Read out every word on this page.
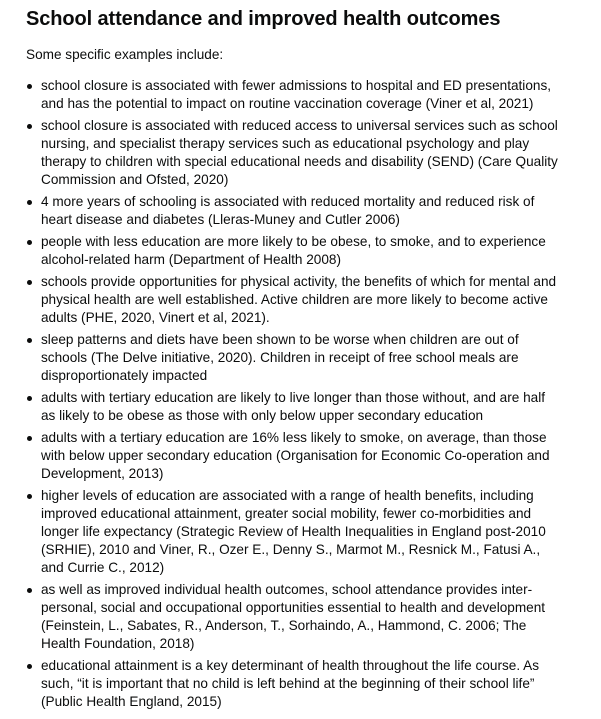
School attendance and improved health outcomes

Some specific examples include:

school closure is associated with fewer admissions to hospital and ED presentations, and has the potential to impact on routine vaccination coverage (Viner et al, 2021)
school closure is associated with reduced access to universal services such as school nursing, and specialist therapy services such as educational psychology and play therapy to children with special educational needs and disability (SEND) (Care Quality Commission and Ofsted, 2020)
4 more years of schooling is associated with reduced mortality and reduced risk of heart disease and diabetes (Lleras-Muney and Cutler 2006)
people with less education are more likely to be obese, to smoke, and to experience alcohol-related harm (Department of Health 2008)
schools provide opportunities for physical activity, the benefits of which for mental and physical health are well established. Active children are more likely to become active adults (PHE, 2020, Vinert et al, 2021).
sleep patterns and diets have been shown to be worse when children are out of schools (The Delve initiative, 2020). Children in receipt of free school meals are disproportionately impacted
adults with tertiary education are likely to live longer than those without, and are half as likely to be obese as those with only below upper secondary education
adults with a tertiary education are 16% less likely to smoke, on average, than those with below upper secondary education (Organisation for Economic Co-operation and Development, 2013)
higher levels of education are associated with a range of health benefits, including improved educational attainment, greater social mobility, fewer co-morbidities and longer life expectancy (Strategic Review of Health Inequalities in England post-2010 (SRHIE), 2010 and Viner, R., Ozer E., Denny S., Marmot M., Resnick M., Fatusi A., and Currie C., 2012)
as well as improved individual health outcomes, school attendance provides inter-personal, social and occupational opportunities essential to health and development (Feinstein, L., Sabates, R., Anderson, T., Sorhaindo, A., Hammond, C. 2006; The Health Foundation, 2018)
educational attainment is a key determinant of health throughout the life course. As such, “it is important that no child is left behind at the beginning of their school life” (Public Health England, 2015)
